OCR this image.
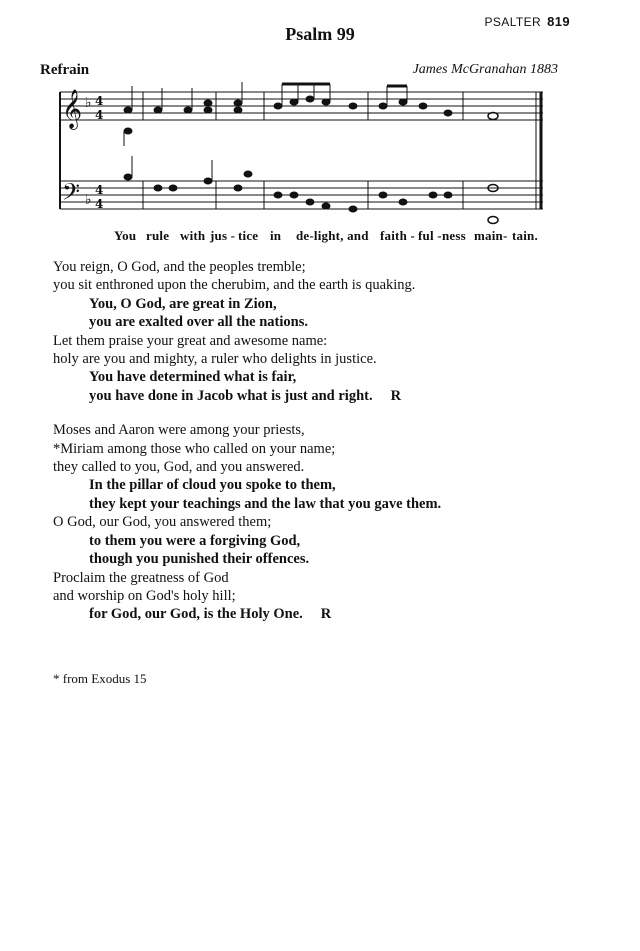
PSALTER 819
Psalm 99
Refrain	James McGranahan 1883
𝄞
𝄢
♭
♭
4
4
4
4

You

rule

with

jus -

tice

in

de-light, and

faith -

ful -

ness

main-

tain.

You reign, O God, and the peoples tremble;
you sit enthroned upon the cherubim, and the earth is quaking.
You, O God, are great in Zion,
you are exalted over all the nations.
Let them praise your great and awesome name:
holy are you and mighty, a ruler who delights in justice.
You have determined what is fair,
you have done in Jacob what is just and right. R
Moses and Aaron were among your priests,
*Miriam among those who called on your name;
they called to you, God, and you answered.
In the pillar of cloud you spoke to them,
they kept your teachings and the law that you gave them.
O God, our God, you answered them;
to them you were a forgiving God,
though you punished their offences.
Proclaim the greatness of God
and worship on God's holy hill;
for God, our God, is the Holy One. R
* from Exodus 15
